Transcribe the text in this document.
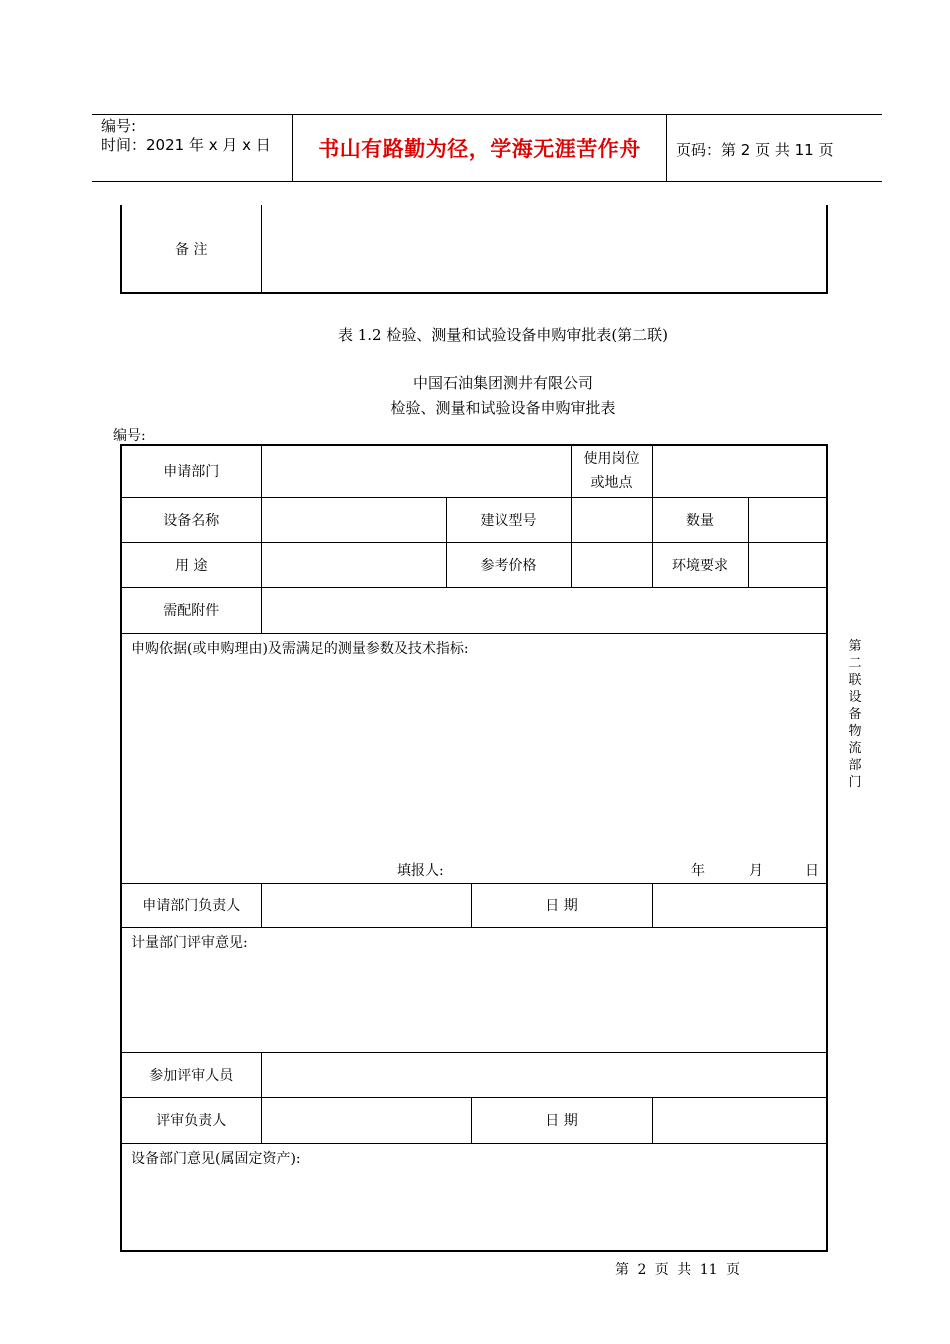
编号:
时间：2021 年 x 月 x 日	书山有路勤为径，学海无涯苦作舟	页码：第 2 页 共 11 页
备 注	
表 1.2 检验、测量和试验设备申购审批表(第二联)
中国石油集团测井有限公司
检验、测量和试验设备申购审批表
编号:
申请部门				使用岗位
或地点		

设备名称		建议型号			数量	
用 途		参考价格			环境要求	
需配附件						

申购依据(或申购理由)及需满足的测量参数及技术指标:
填报人: 年 月 日						

申请部门负责人			日 期			

计量部门评审意见:						

参加评审人员						
评审负责人			日 期			

设备部门意见(属固定资产):						
第二联设备物流部门
第 2 页 共 11 页
